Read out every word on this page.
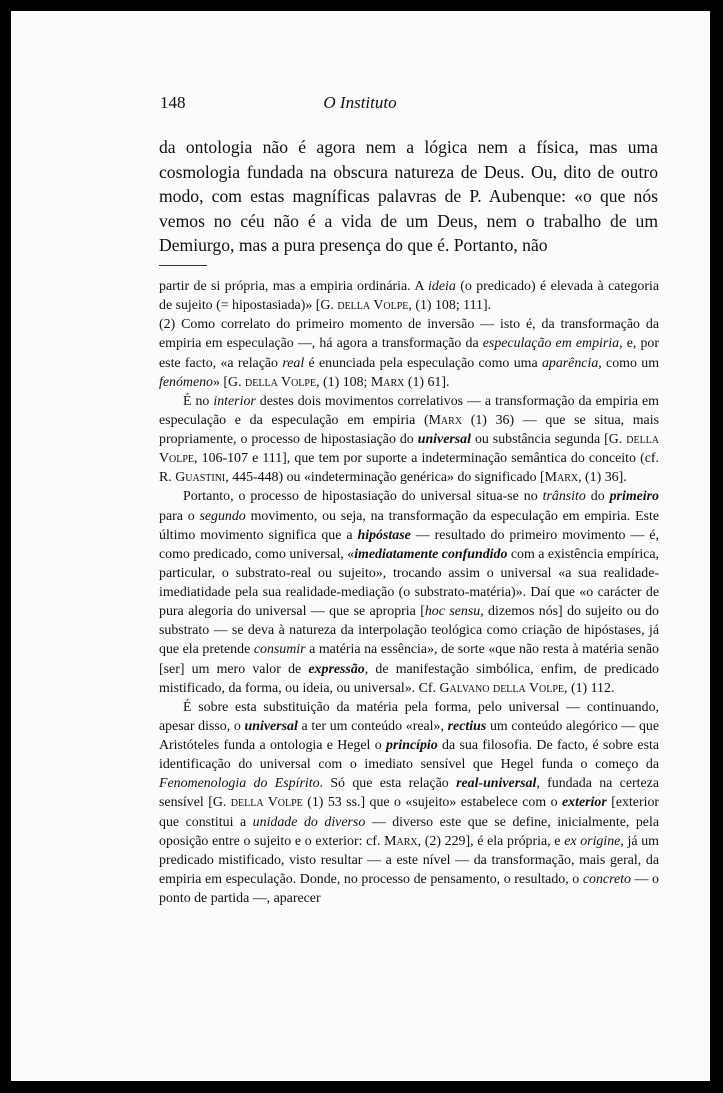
148	O Instituto

da ontologia não é agora nem a lógica nem a física, mas uma cosmologia fundada na obscura natureza de Deus. Ou, dito de outro modo, com estas magníficas palavras de P. Aubenque: «o que nós vemos no céu não é a vida de um Deus, nem o trabalho de um Demiurgo, mas a pura presença do que é. Portanto, não

partir de si própria, mas a empiria ordinária. A ideia (o predicado) é elevada à categoria de sujeito (= hipostasiada)» [G. della Volpe, (1) 108; 111].

(2) Como correlato do primeiro momento de inversão — isto é, da transformação da empiria em especulação —, há agora a transformação da especulação em empiria, e, por este facto, «a relação real é enunciada pela especulação como uma aparência, como um fenómeno» [G. della Volpe, (1) 108; Marx (1) 61].

É no interior destes dois movimentos correlativos — a transformação da empiria em especulação e da especulação em empiria (Marx (1) 36) — que se situa, mais propriamente, o processo de hipostasiação do universal ou substância segunda [G. della Volpe, 106-107 e 111], que tem por suporte a indeterminação semântica do conceito (cf. R. Guastini, 445-448) ou «indeterminação genérica» do significado [Marx, (1) 36].

Portanto, o processo de hipostasiação do universal situa-se no trânsito do primeiro para o segundo movimento, ou seja, na transformação da especulação em empiria. Este último movimento significa que a hipóstase — resultado do primeiro movimento — é, como predicado, como universal, «imediatamente confundido com a existência empírica, particular, o substrato-real ou sujeito», trocando assim o universal «a sua realidade-imediatidade pela sua realidade-mediação (o substrato-matéria)». Daí que «o carácter de pura alegoria do universal — que se apropria [hoc sensu, dizemos nós] do sujeito ou do substrato — se deva à natureza da interpolação teológica como criação de hipóstases, já que ela pretende consumir a matéria na essência», de sorte «que não resta à matéria senão [ser] um mero valor de expressão, de manifestação simbólica, enfim, de predicado mistificado, da forma, ou ideia, ou universal». Cf. Galvano della Volpe, (1) 112.

É sobre esta substituição da matéria pela forma, pelo universal — continuando, apesar disso, o universal a ter um conteúdo «real», rectius um conteúdo alegórico — que Aristóteles funda a ontologia e Hegel o princípio da sua filosofia. De facto, é sobre esta identificação do universal com o imediato sensível que Hegel funda o começo da Fenomenologia do Espírito. Só que esta relação real-universal, fundada na certeza sensível [G. della Volpe (1) 53 ss.] que o «sujeito» estabelece com o exterior [exterior que constitui a unidade do diverso — diverso este que se define, inicialmente, pela oposição entre o sujeito e o exterior: cf. Marx, (2) 229], é ela própria, e ex origine, já um predicado mistificado, visto resultar — a este nível — da transformação, mais geral, da empiria em especulação. Donde, no processo de pensamento, o resultado, o concreto — o ponto de partida —, aparecer
